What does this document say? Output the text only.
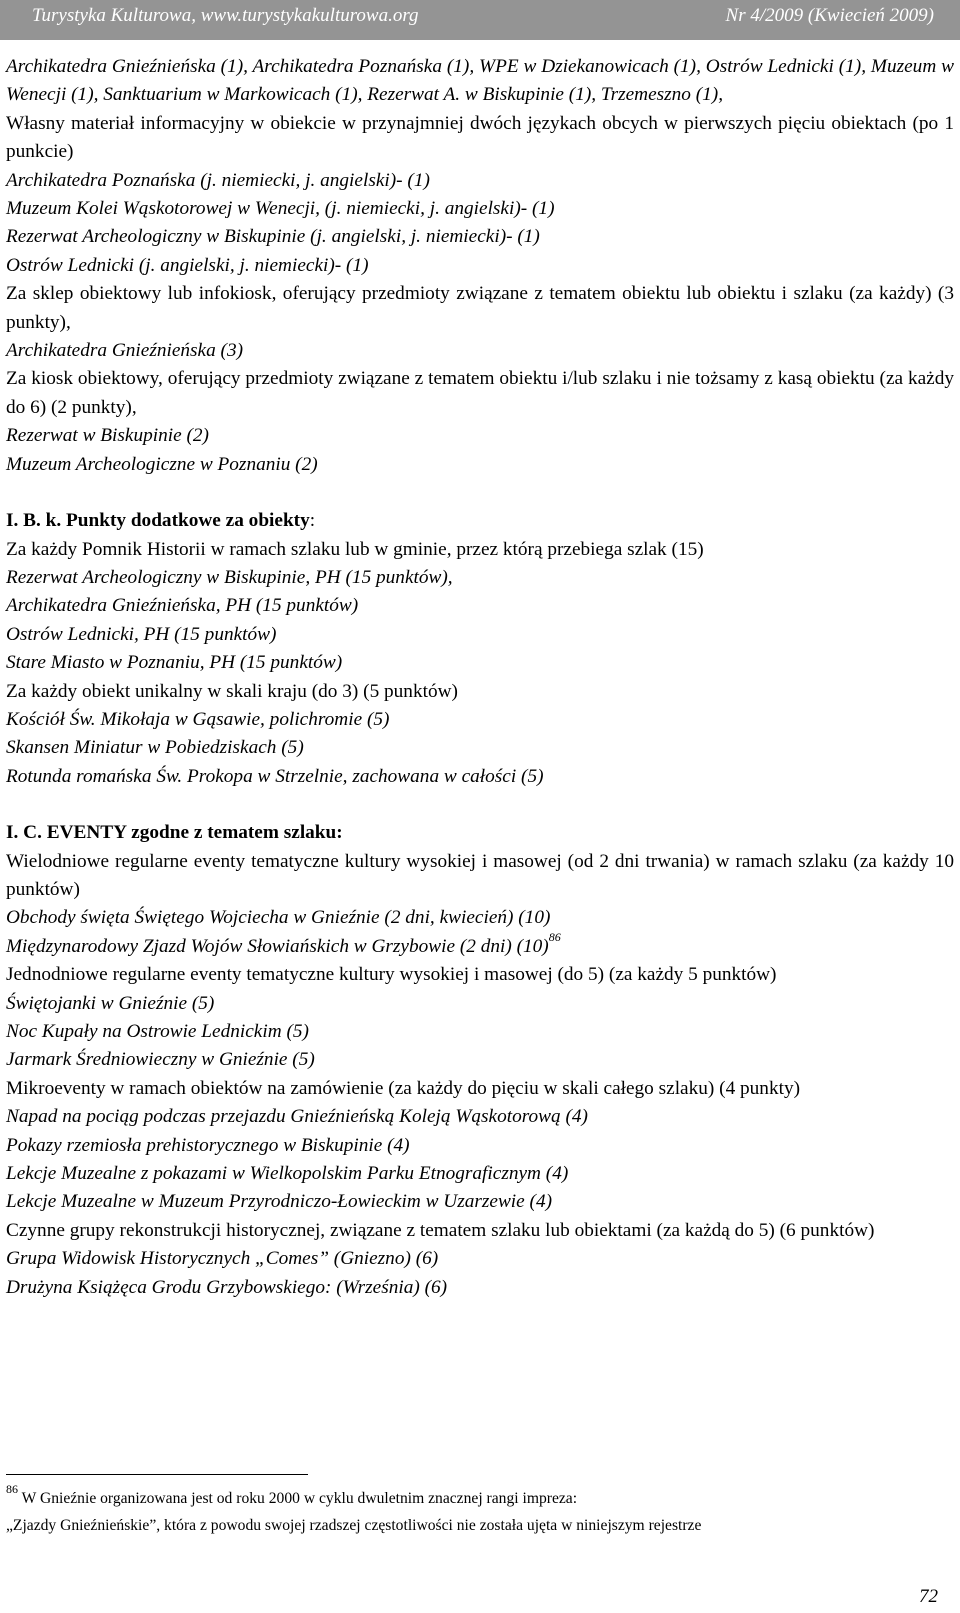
Turystyka Kulturowa, www.turystykakulturowa.org	Nr 4/2009 (Kwiecień 2009)
Archikatedra Gnieźnieńska (1), Archikatedra Poznańska (1), WPE w Dziekanowicach (1), Ostrów Lednicki (1), Muzeum w Wenecji (1), Sanktuarium w Markowicach (1), Rezerwat A. w Biskupinie (1), Trzemeszno (1),
Własny materiał informacyjny w obiekcie w przynajmniej dwóch językach obcych w pierwszych pięciu obiektach (po 1 punkcie)
Archikatedra Poznańska (j. niemiecki, j. angielski)- (1)
Muzeum Kolei Wąskotorowej w Wenecji, (j. niemiecki, j. angielski)- (1)
Rezerwat Archeologiczny w Biskupinie (j. angielski, j. niemiecki)- (1)
Ostrów Lednicki (j. angielski, j. niemiecki)- (1)
Za sklep obiektowy lub infokiosk, oferujący przedmioty związane z tematem obiektu lub obiektu i szlaku (za każdy) (3 punkty),
Archikatedra Gnieźnieńska (3)
Za kiosk obiektowy, oferujący przedmioty związane z tematem obiektu i/lub szlaku i nie tożsamy z kasą obiektu (za każdy do 6) (2 punkty),
Rezerwat w Biskupinie (2)
Muzeum Archeologiczne w Poznaniu (2)
I. B. k. Punkty dodatkowe za obiekty:
Za każdy Pomnik Historii w ramach szlaku lub w gminie, przez którą przebiega szlak (15)
Rezerwat Archeologiczny w Biskupinie, PH (15 punktów),
Archikatedra Gnieźnieńska, PH (15 punktów)
Ostrów Lednicki, PH (15 punktów)
Stare Miasto w Poznaniu, PH (15 punktów)
Za każdy obiekt unikalny w skali kraju (do 3) (5 punktów)
Kościół Św. Mikołaja w Gąsawie, polichromie (5)
Skansen Miniatur w Pobiedziskach (5)
Rotunda romańska Św. Prokopa w Strzelnie, zachowana w całości (5)
I. C. EVENTY zgodne z tematem szlaku:
Wielodniowe regularne eventy tematyczne kultury wysokiej i masowej (od 2 dni trwania) w ramach szlaku (za każdy 10 punktów)
Obchody święta Świętego Wojciecha w Gnieźnie (2 dni, kwiecień) (10)
Międzynarodowy Zjazd Wojów Słowiańskich w Grzybowie (2 dni) $(10)^{86}$
Jednodniowe regularne eventy tematyczne kultury wysokiej i masowej (do 5) (za każdy 5 punktów)
Świętojanki w Gnieźnie (5)
Noc Kupały na Ostrowie Lednickim (5)
Jarmark Średniowieczny w Gnieźnie (5)
Mikroeventy w ramach obiektów na zamówienie (za każdy do pięciu w skali całego szlaku) (4 punkty)
Napad na pociąg podczas przejazdu Gnieźnieńską Koleją Wąskotorową (4)
Pokazy rzemiosła prehistorycznego w Biskupinie (4)
Lekcje Muzealne z pokazami w Wielkopolskim Parku Etnograficznym (4)
Lekcje Muzealne w Muzeum Przyrodniczo-Łowieckim w Uzarzewie (4)
Czynne grupy rekonstrukcji historycznej, związane z tematem szlaku lub obiektami (za każdą do 5) (6 punktów)
Grupa Widowisk Historycznych „Comes” (Gniezno) (6)
Drużyna Książęca Grodu Grzybowskiego: (Września) (6)
$^{86}$ W Gnieźnie organizowana jest od roku 2000 w cyklu dwuletnim znacznej rangi impreza:
„Zjazdy Gnieźnieńskie”, która z powodu swojej rzadszej częstotliwości nie została ujęta w niniejszym rejestrze
72
